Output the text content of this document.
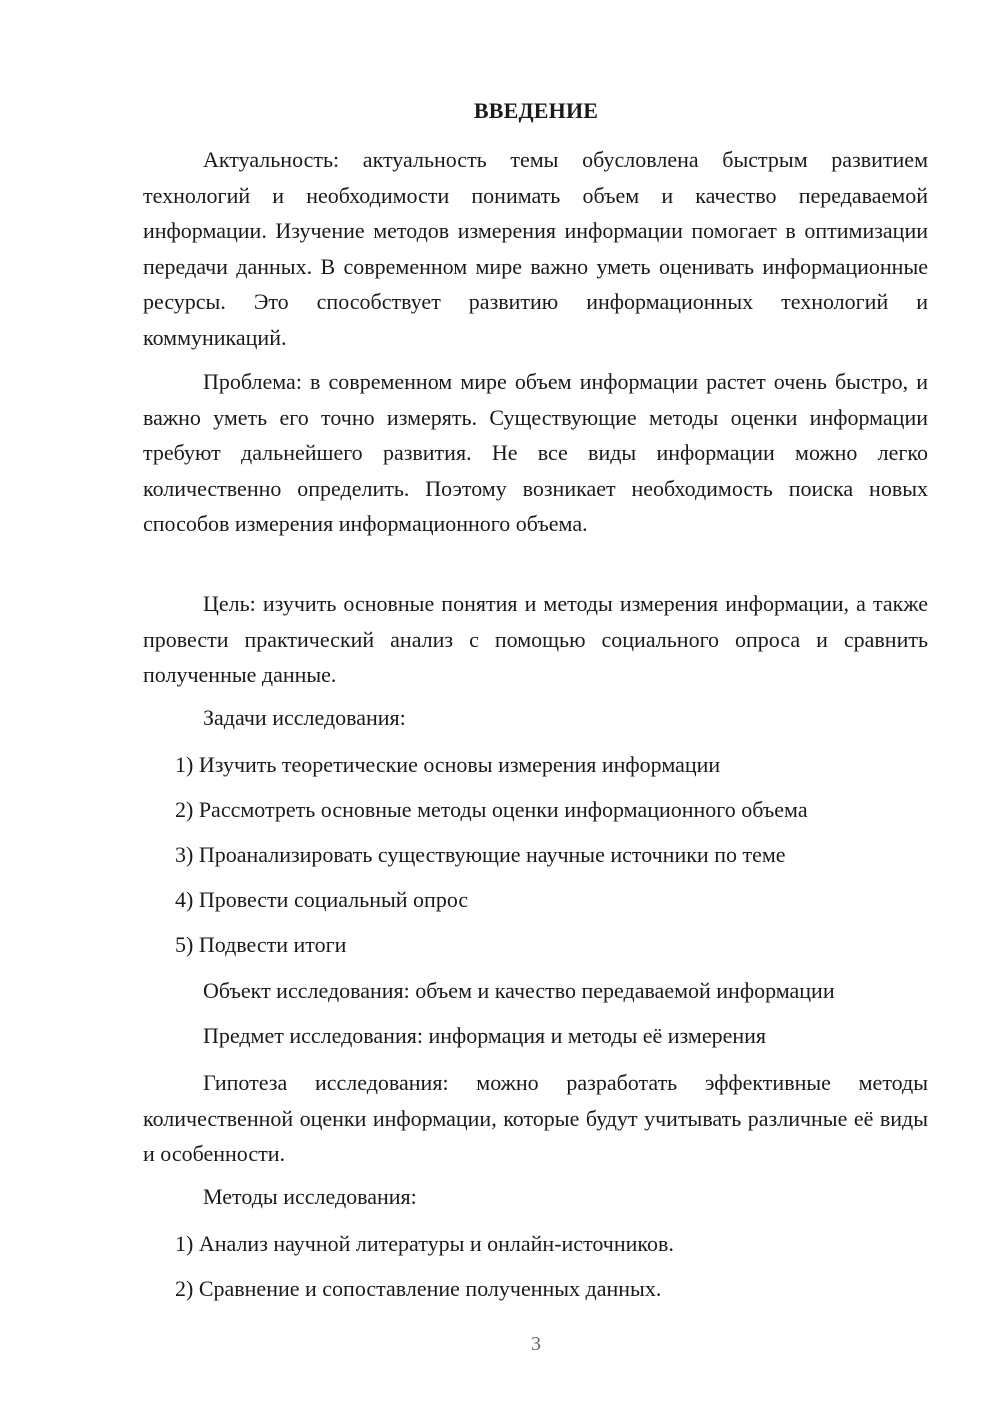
ВВЕДЕНИЕ

Актуальность: актуальность темы обусловлена быстрым развитием технологий и необходимости понимать объем и качество передаваемой информации. Изучение методов измерения информации помогает в оптимизации передачи данных. В современном мире важно уметь оценивать информационные ресурсы. Это способствует развитию информационных технологий и коммуникаций.

Проблема: в современном мире объем информации растет очень быстро, и важно уметь его точно измерять. Существующие методы оценки информации требуют дальнейшего развития. Не все виды информации можно легко количественно определить. Поэтому возникает необходимость поиска новых способов измерения информационного объема.

Цель: изучить основные понятия и методы измерения информации, а также провести практический анализ с помощью социального опроса и сравнить полученные данные.

Задачи исследования:
1) Изучить теоретические основы измерения информации
2) Рассмотреть основные методы оценки информационного объема
3) Проанализировать существующие научные источники по теме
4) Провести социальный опрос
5) Подвести итоги
Объект исследования: объем и качество передаваемой информации
Предмет исследования: информация и методы её измерения

Гипотеза исследования: можно разработать эффективные методы количественной оценки информации, которые будут учитывать различные её виды и особенности.

Методы исследования:
1) Анализ научной литературы и онлайн-источников.
2) Сравнение и сопоставление полученных данных.
3
